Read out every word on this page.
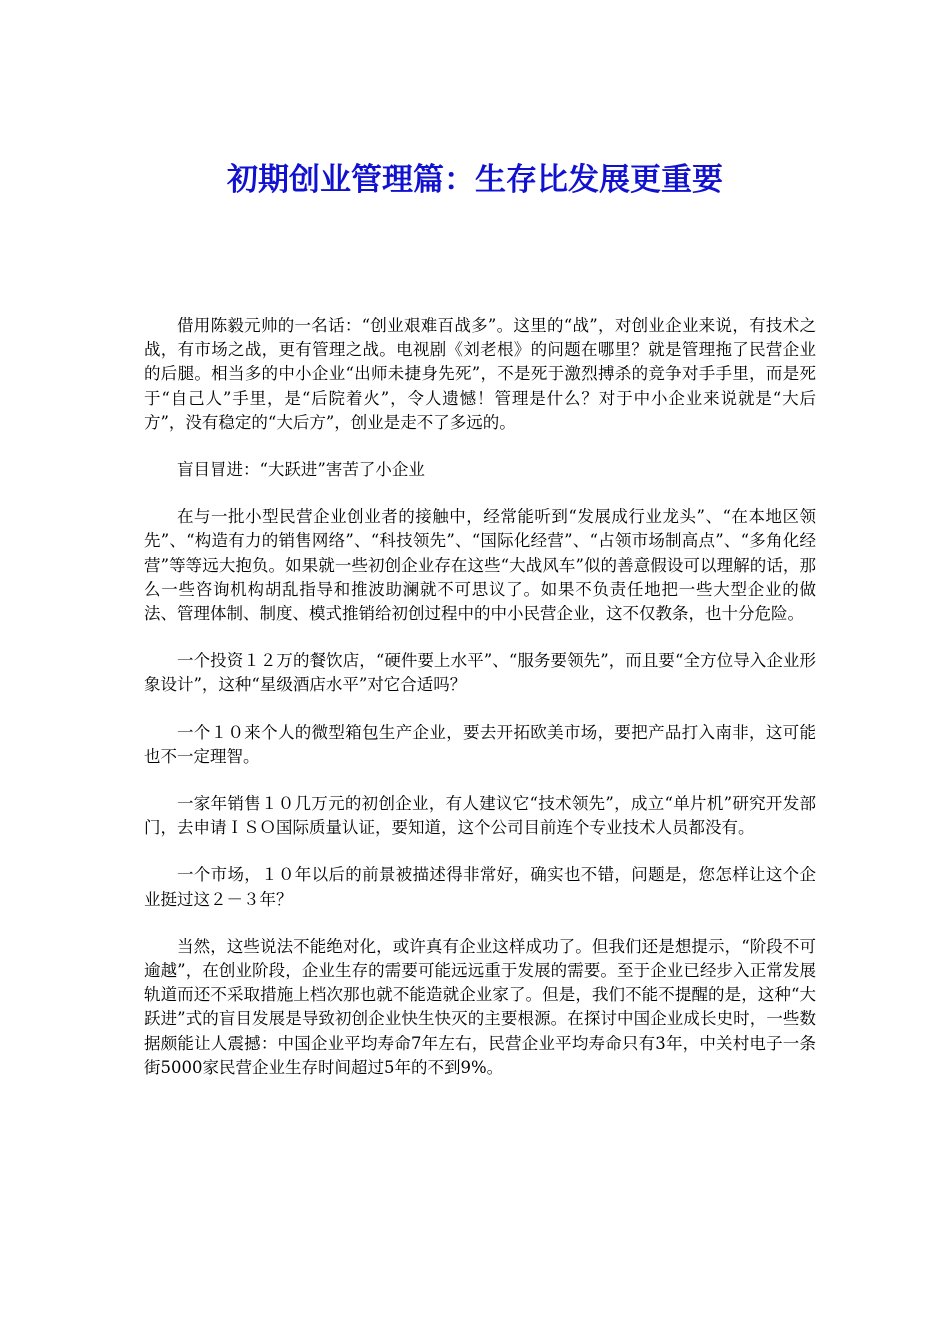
初期创业管理篇：生存比发展更重要

借用陈毅元帅的一名话：“创业艰难百战多”。这里的“战”，对创业企业来说，有技术之战，有市场之战，更有管理之战。电视剧《刘老根》的问题在哪里？就是管理拖了民营企业的后腿。相当多的中小企业“出师未捷身先死”，不是死于激烈搏杀的竞争对手手里，而是死于“自己人”手里，是“后院着火”，令人遗憾！管理是什么？对于中小企业来说就是“大后方”，没有稳定的“大后方”，创业是走不了多远的。

盲目冒进：“大跃进”害苦了小企业

在与一批小型民营企业创业者的接触中，经常能听到“发展成行业龙头”、“在本地区领先”、“构造有力的销售网络”、“科技领先”、“国际化经营”、“占领市场制高点”、“多角化经营”等等远大抱负。如果就一些初创企业存在这些“大战风车”似的善意假设可以理解的话，那么一些咨询机构胡乱指导和推波助澜就不可思议了。如果不负责任地把一些大型企业的做法、管理体制、制度、模式推销给初创过程中的中小民营企业，这不仅教条，也十分危险。

一个投资１２万的餐饮店，“硬件要上水平”、“服务要领先”，而且要“全方位导入企业形象设计”，这种“星级酒店水平”对它合适吗？

一个１０来个人的微型箱包生产企业，要去开拓欧美市场，要把产品打入南非，这可能也不一定理智。

一家年销售１０几万元的初创企业，有人建议它“技术领先”，成立“单片机”研究开发部门，去申请ＩＳＯ国际质量认证，要知道，这个公司目前连个专业技术人员都没有。

一个市场，１０年以后的前景被描述得非常好，确实也不错，问题是，您怎样让这个企业挺过这２－３年？

当然，这些说法不能绝对化，或许真有企业这样成功了。但我们还是想提示，“阶段不可逾越”，在创业阶段，企业生存的需要可能远远重于发展的需要。至于企业已经步入正常发展轨道而还不采取措施上档次那也就不能造就企业家了。但是，我们不能不提醒的是，这种“大跃进”式的盲目发展是导致初创企业快生快灭的主要根源。在探讨中国企业成长史时，一些数据颇能让人震撼：中国企业平均寿命7年左右，民营企业平均寿命只有3年，中关村电子一条街5000家民营企业生存时间超过5年的不到9%。
